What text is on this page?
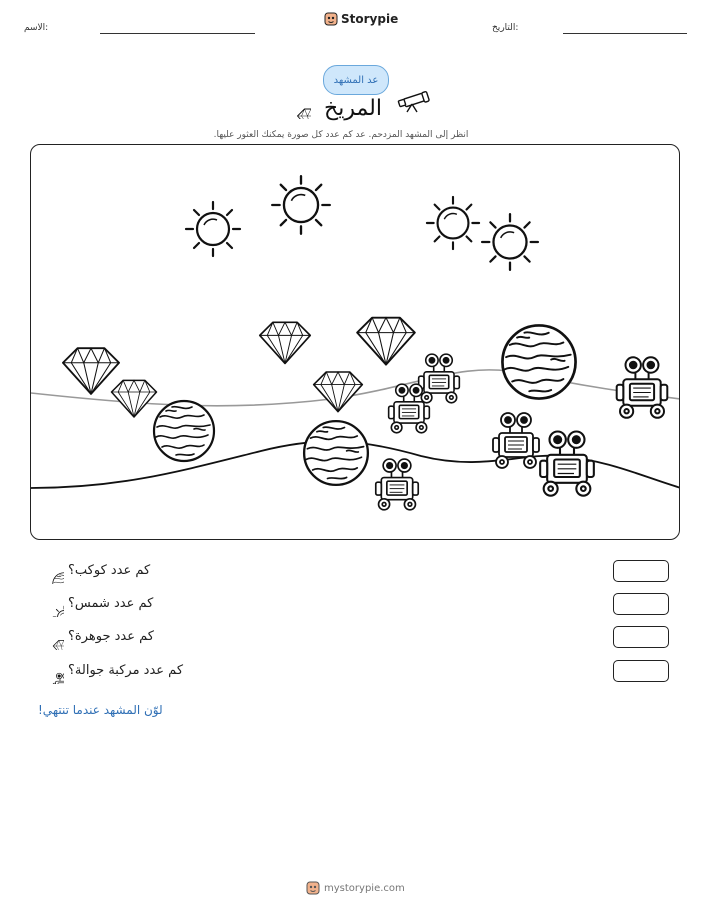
الاسم:	التاريخ:
Storypie
عد المشهد
المريخ
انظر إلى المشهد المزدحم. عد كم عدد كل صورة يمكنك العثور عليها.
كم عدد كوكب؟
كم عدد شمس؟
كم عدد جوهرة؟
كم عدد مركبة جوالة؟
لوّن المشهد عندما تنتهي!
mystorypie.com
